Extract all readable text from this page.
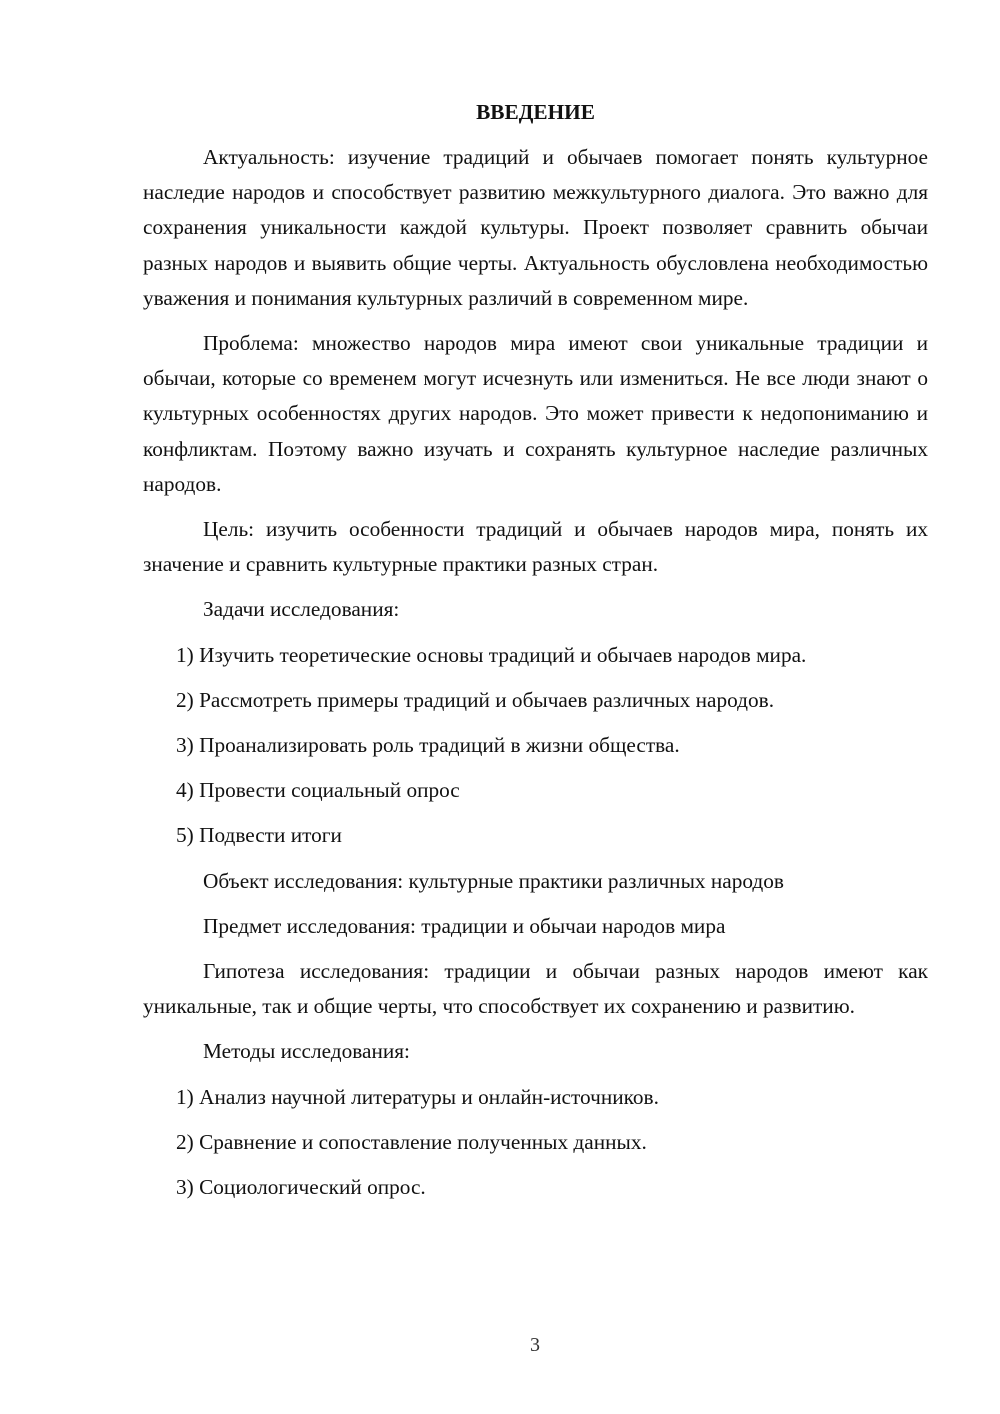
ВВЕДЕНИЕ
Актуальность: изучение традиций и обычаев помогает понять культурное наследие народов и способствует развитию межкультурного диалога. Это важно для сохранения уникальности каждой культуры. Проект позволяет сравнить обычаи разных народов и выявить общие черты. Актуальность обусловлена необходимостью уважения и понимания культурных различий в современном мире.
Проблема: множество народов мира имеют свои уникальные традиции и обычаи, которые со временем могут исчезнуть или измениться. Не все люди знают о культурных особенностях других народов. Это может привести к недопониманию и конфликтам. Поэтому важно изучать и сохранять культурное наследие различных народов.
Цель: изучить особенности традиций и обычаев народов мира, понять их значение и сравнить культурные практики разных стран.
Задачи исследования:
1) Изучить теоретические основы традиций и обычаев народов мира.
2) Рассмотреть примеры традиций и обычаев различных народов.
3) Проанализировать роль традиций в жизни общества.
4) Провести социальный опрос
5) Подвести итоги
Объект исследования: культурные практики различных народов
Предмет исследования: традиции и обычаи народов мира
Гипотеза исследования: традиции и обычаи разных народов имеют как уникальные, так и общие черты, что способствует их сохранению и развитию.
Методы исследования:
1) Анализ научной литературы и онлайн-источников.
2) Сравнение и сопоставление полученных данных.
3) Социологический опрос.
3
